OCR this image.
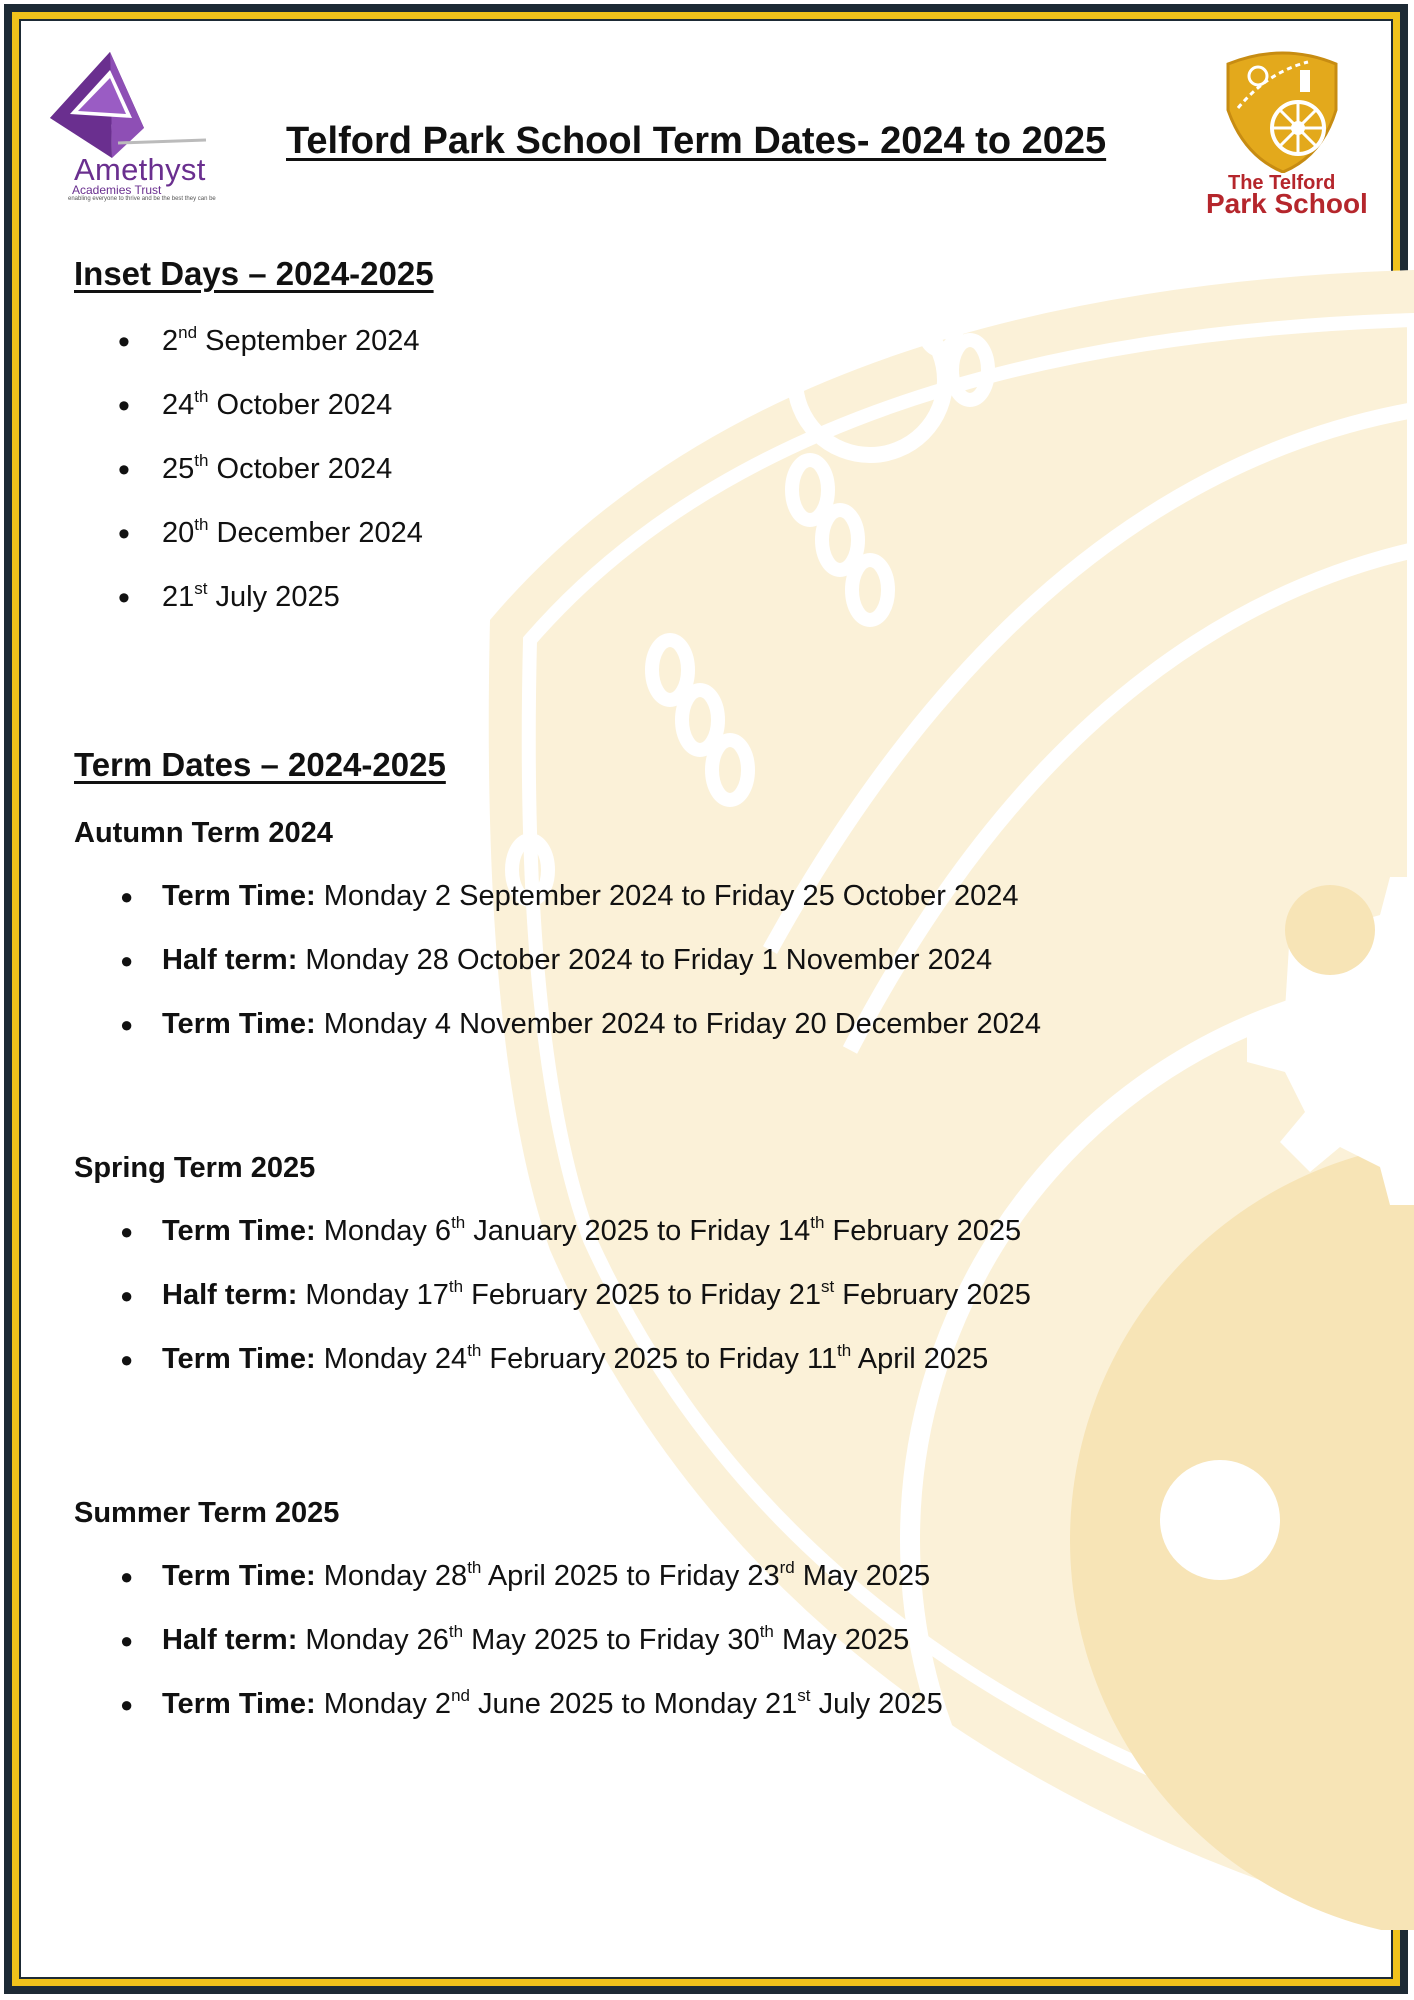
Amethyst
Academies Trust
enabling everyone to thrive and be the best they can be
The Telford
Park School
Telford Park School Term Dates- 2024 to 2025
Inset Days – 2024-2025
• 2nd September 2024
• 24th October 2024
• 25th October 2024
• 20th December 2024
• 21st July 2025
Term Dates – 2024-2025
Autumn Term 2024
● Term Time: Monday 2 September 2024 to Friday 25 October 2024
● Half term: Monday 28 October 2024 to Friday 1 November 2024
● Term Time: Monday 4 November 2024 to Friday 20 December 2024
Spring Term 2025
● Term Time: Monday 6th January 2025 to Friday 14th February 2025
● Half term: Monday 17th February 2025 to Friday 21st February 2025
● Term Time: Monday 24th February 2025 to Friday 11th April 2025
Summer Term 2025
● Term Time: Monday 28th April 2025 to Friday 23rd May 2025
● Half term: Monday 26th May 2025 to Friday 30th May 2025
● Term Time: Monday 2nd June 2025 to Monday 21st July 2025
